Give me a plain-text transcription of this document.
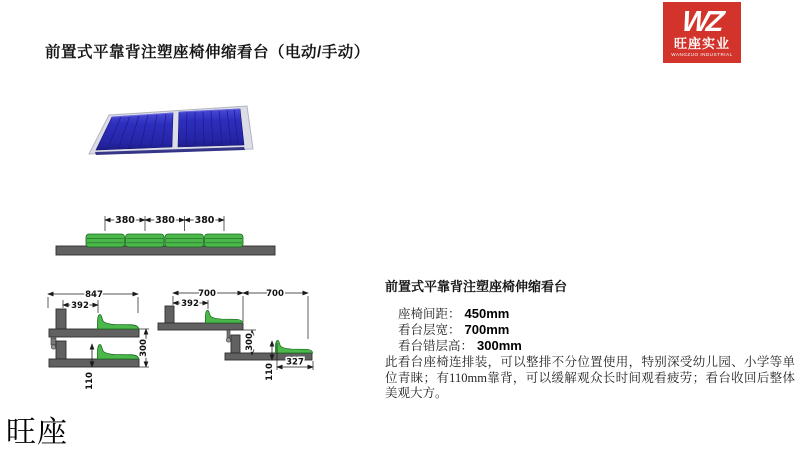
前置式平靠背注塑座椅伸缩看台（电动/手动）
WZ
旺座实业
WANGZUO INDUSTRIAL
380 380 380
847
392
300
110
700	700
392
300
110
327
前置式平靠背注塑座椅伸缩看台
座椅间距： 450mm
看台层宽： 700mm
看台错层高： 300mm
此看台座椅连排装，可以整排不分位置使用，特别深受幼儿园、小学等单位青睐；有110mm靠背，可以缓解观众长时间观看疲劳；看台收回后整体美观大方。
旺座
